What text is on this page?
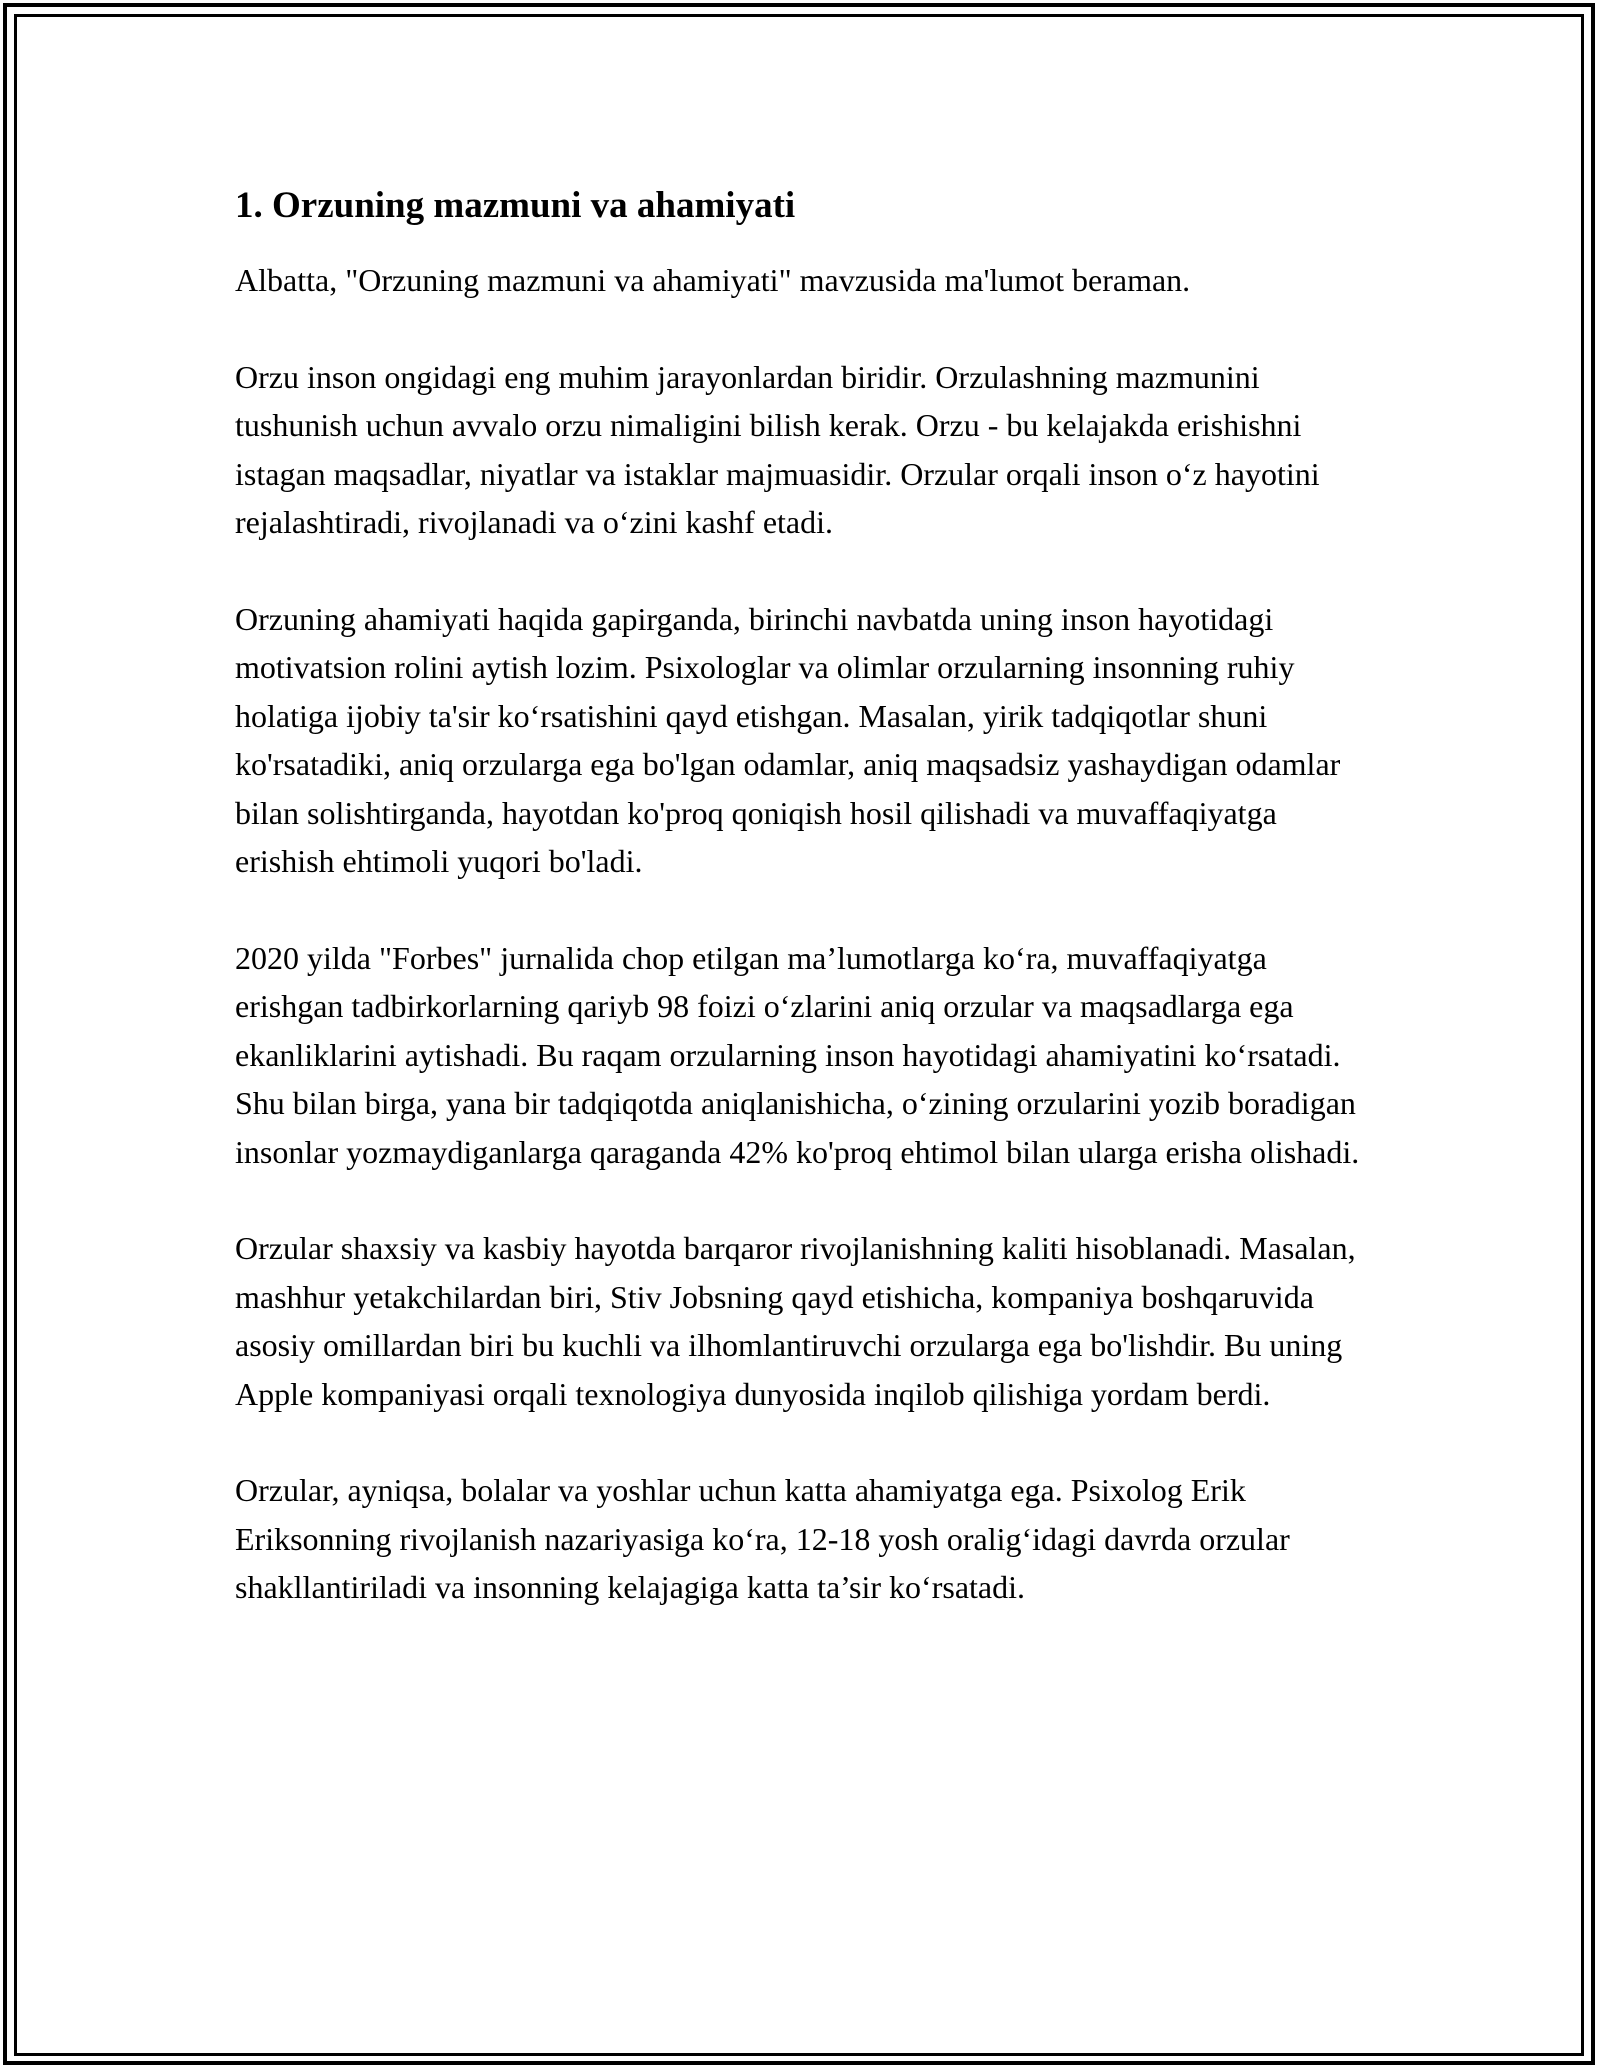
1. Orzuning mazmuni va ahamiyati

Albatta, "Orzuning mazmuni va ahamiyati" mavzusida ma'lumot beraman.

Orzu inson ongidagi eng muhim jarayonlardan biridir. Orzulashning mazmunini tushunish uchun avvalo orzu nimaligini bilish kerak. Orzu - bu kelajakda erishishni istagan maqsadlar, niyatlar va istaklar majmuasidir. Orzular orqali inson o‘z hayotini rejalashtiradi, rivojlanadi va o‘zini kashf etadi.

Orzuning ahamiyati haqida gapirganda, birinchi navbatda uning inson hayotidagi motivatsion rolini aytish lozim. Psixologlar va olimlar orzularning insonning ruhiy holatiga ijobiy ta'sir ko‘rsatishini qayd etishgan. Masalan, yirik tadqiqotlar shuni ko'rsatadiki, aniq orzularga ega bo'lgan odamlar, aniq maqsadsiz yashaydigan odamlar bilan solishtirganda, hayotdan ko'proq qoniqish hosil qilishadi va muvaffaqiyatga erishish ehtimoli yuqori bo'ladi.

2020 yilda "Forbes" jurnalida chop etilgan ma’lumotlarga ko‘ra, muvaffaqiyatga erishgan tadbirkorlarning qariyb 98 foizi o‘zlarini aniq orzular va maqsadlarga ega ekanliklarini aytishadi. Bu raqam orzularning inson hayotidagi ahamiyatini ko‘rsatadi. Shu bilan birga, yana bir tadqiqotda aniqlanishicha, o‘zining orzularini yozib boradigan insonlar yozmaydiganlarga qaraganda 42% ko'proq ehtimol bilan ularga erisha olishadi.

Orzular shaxsiy va kasbiy hayotda barqaror rivojlanishning kaliti hisoblanadi. Masalan, mashhur yetakchilardan biri, Stiv Jobsning qayd etishicha, kompaniya boshqaruvida asosiy omillardan biri bu kuchli va ilhomlantiruvchi orzularga ega bo'lishdir. Bu uning Apple kompaniyasi orqali texnologiya dunyosida inqilob qilishiga yordam berdi.

Orzular, ayniqsa, bolalar va yoshlar uchun katta ahamiyatga ega. Psixolog Erik Eriksonning rivojlanish nazariyasiga ko‘ra, 12-18 yosh oralig‘idagi davrda orzular shakllantiriladi va insonning kelajagiga katta ta’sir ko‘rsatadi.
